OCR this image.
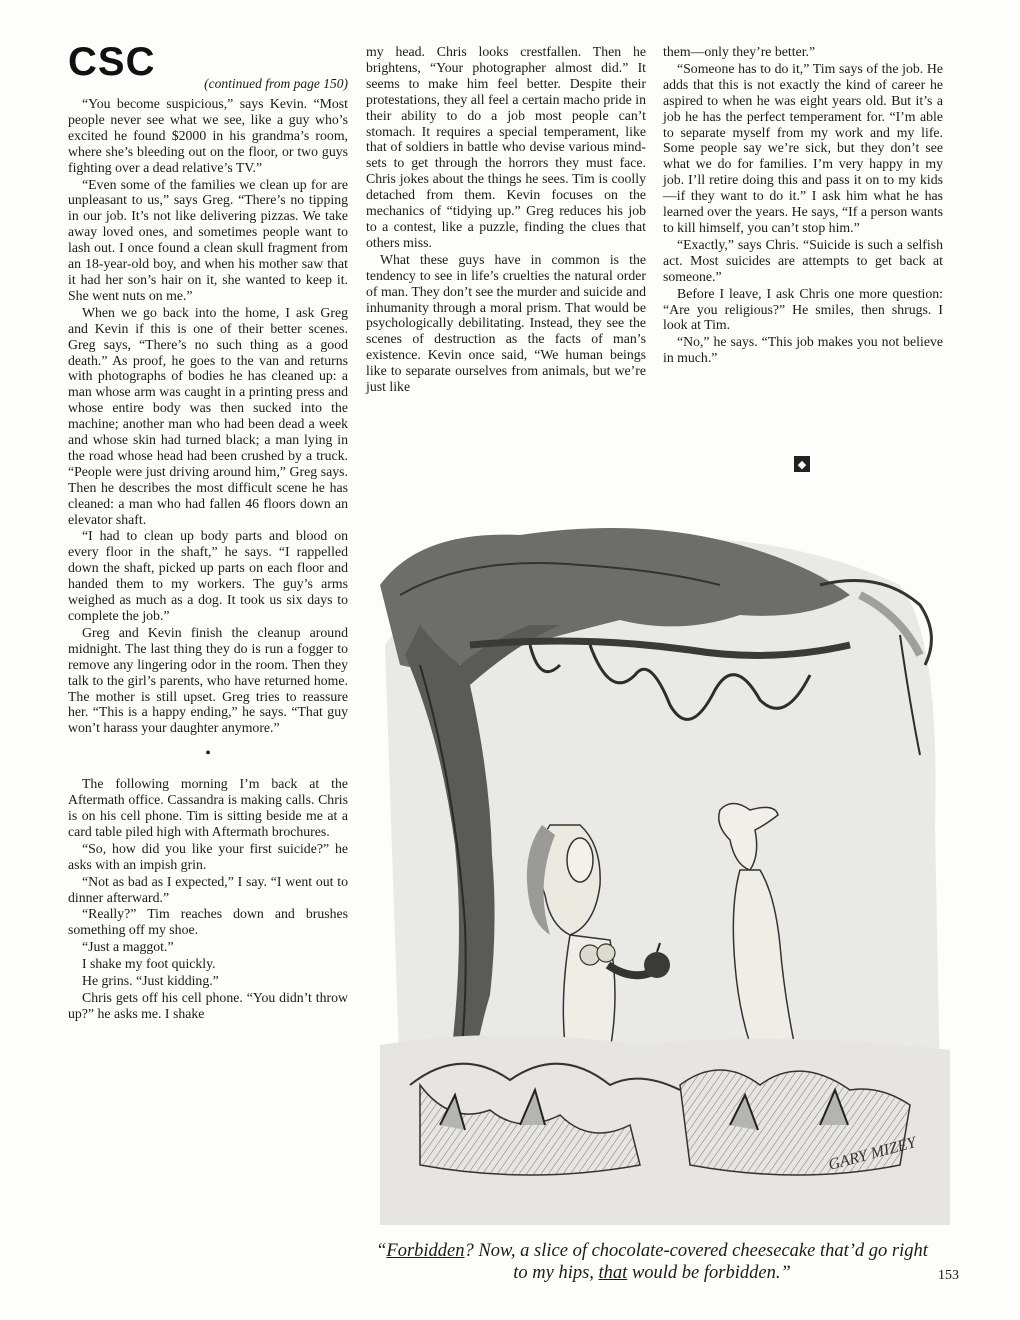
CSC	(continued from page 150)

“You become suspicious,” says Kevin. “Most people never see what we see, like a guy who’s excited he found $2000 in his grandma’s room, where she’s bleeding out on the floor, or two guys fighting over a dead relative’s TV.”

“Even some of the families we clean up for are unpleasant to us,” says Greg. “There’s no tipping in our job. It’s not like delivering pizzas. We take away loved ones, and sometimes people want to lash out. I once found a clean skull fragment from an 18-year-old boy, and when his mother saw that it had her son’s hair on it, she wanted to keep it. She went nuts on me.”

When we go back into the home, I ask Greg and Kevin if this is one of their better scenes. Greg says, “There’s no such thing as a good death.” As proof, he goes to the van and returns with photographs of bodies he has cleaned up: a man whose arm was caught in a printing press and whose entire body was then sucked into the machine; another man who had been dead a week and whose skin had turned black; a man lying in the road whose head had been crushed by a truck. “People were just driving around him,” Greg says. Then he describes the most difficult scene he has cleaned: a man who had fallen 46 floors down an elevator shaft.

“I had to clean up body parts and blood on every floor in the shaft,” he says. “I rappelled down the shaft, picked up parts on each floor and handed them to my workers. The guy’s arms weighed as much as a dog. It took us six days to complete the job.”

Greg and Kevin finish the cleanup around midnight. The last thing they do is run a fogger to remove any lingering odor in the room. Then they talk to the girl’s parents, who have returned home. The mother is still upset. Greg tries to reassure her. “This is a happy ending,” he says. “That guy won’t harass your daughter anymore.”

•

The following morning I’m back at the Aftermath office. Cassandra is making calls. Chris is on his cell phone. Tim is sitting beside me at a card table piled high with Aftermath brochures.

“So, how did you like your first suicide?” he asks with an impish grin.

“Not as bad as I expected,” I say. “I went out to dinner afterward.”

“Really?” Tim reaches down and brushes something off my shoe.

“Just a maggot.”

I shake my foot quickly.

He grins. “Just kidding.”

Chris gets off his cell phone. “You didn’t throw up?” he asks me. I shake

my head. Chris looks crestfallen. Then he brightens, “Your photographer almost did.” It seems to make him feel better. Despite their protestations, they all feel a certain macho pride in their ability to do a job most people can’t stomach. It requires a special temperament, like that of soldiers in battle who devise various mind-sets to get through the horrors they must face. Chris jokes about the things he sees. Tim is coolly detached from them. Kevin focuses on the mechanics of “tidying up.” Greg reduces his job to a contest, like a puzzle, finding the clues that others miss.

What these guys have in common is the tendency to see in life’s cruelties the natural order of man. They don’t see the murder and suicide and inhumanity through a moral prism. That would be psychologically debilitating. Instead, they see the scenes of destruction as the facts of man’s existence. Kevin once said, “We human beings like to separate ourselves from animals, but we’re just like

them—only they’re better.”

“Someone has to do it,” Tim says of the job. He adds that this is not exactly the kind of career he aspired to when he was eight years old. But it’s a job he has the perfect temperament for. “I’m able to separate myself from my work and my life. Some people say we’re sick, but they don’t see what we do for families. I’m very happy in my job. I’ll retire doing this and pass it on to my kids—if they want to do it.” I ask him what he has learned over the years. He says, “If a person wants to kill himself, you can’t stop him.”

“Exactly,” says Chris. “Suicide is such a selfish act. Most suicides are attempts to get back at someone.”

Before I leave, I ask Chris one more question: “Are you religious?” He smiles, then shrugs. I look at Tim.

“No,” he says. “This job makes you not believe in much.”

◆
GARY MIZEY
“Forbidden? Now, a slice of chocolate-covered cheesecake that’d go right to my hips, that would be forbidden.”	153
